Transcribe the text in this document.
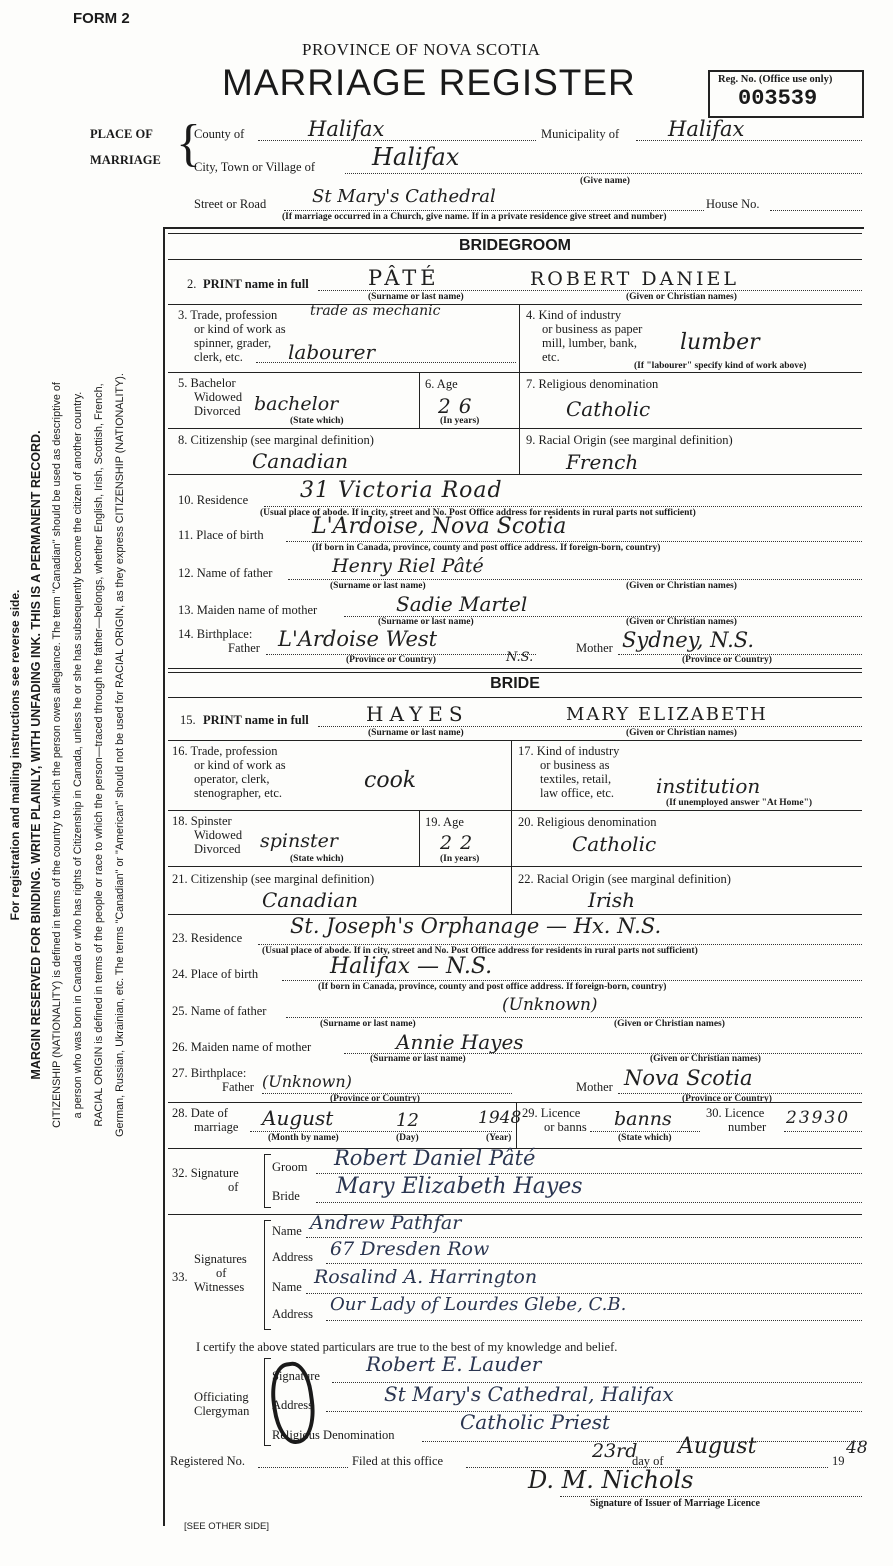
For registration and mailing instructions see reverse side. MARGIN RESERVED FOR BINDING. WRITE PLAINLY, WITH UNFADING INK. THIS IS A PERMANENT RECORD. CITIZENSHIP (NATIONALITY) is defined in terms of the country to which the person owes allegiance. The term "Canadian" should be used as descriptive of a person who was born in Canada or who has rights of Citizenship in Canada, unless he or she has subsequently become the citizen of another country. RACIAL ORIGIN is defined in terms of the people or race to which the person—traced through the father—belongs, whether English, Irish, Scottish, French, German, Russian, Ukrainian, etc. The terms "Canadian" or "American" should not be used for RACIAL ORIGIN, as they express CITIZENSHIP (NATIONALITY).
FORM 2
PROVINCE OF NOVA SCOTIA
MARRIAGE REGISTER	Reg. No. (Office use only)
003539
PLACE OF
MARRIAGE {
County of	Halifax	Municipality of Halifax
City, Town or Village of Halifax
(Give name)
Street or Road	St Mary's Cathedral	House No.
(If marriage occurred in a Church, give name. If in a private residence give street and number)
BRIDEGROOM
2. PRINT name in full	PÂTÉ	ROBERT DANIEL
(Surname or last name)	(Given or Christian names)
3. Trade, profession
or kind of work as
spinner, grader,
clerk, etc.
trade as mechanic
labourer
4. Kind of industry
or business as paper
mill, lumber, bank,
etc.
lumber
(If "labourer" specify kind of work above)
5. Bachelor
Widowed
Divorced bachelor
(State which)
6. Age
26
(In years)
7. Religious denomination
Catholic
8. Citizenship (see marginal definition)
Canadian
9. Racial Origin (see marginal definition)
French
10. Residence 31 Victoria Road
(Usual place of abode. If in city, street and No. Post Office address for residents in rural parts not sufficient)
11. Place of birth L'Ardoise, Nova Scotia
(If born in Canada, province, county and post office address. If foreign-born, country)
12. Name of father	Henry Riel Pâté
(Surname or last name)	(Given or Christian names)
13. Maiden name of mother	Sadie Martel
(Surname or last name)	(Given or Christian names)
14. Birthplace:
Father L'Ardoise West
N.S.
(Province or Country)
Mother Sydney, N.S.
(Province or Country)
BRIDE
15. PRINT name in full	HAYES	MARY ELIZABETH
(Surname or last name)	(Given or Christian names)
16. Trade, profession
or kind of work as
operator, clerk,
stenographer, etc.	cook
17. Kind of industry
or business as
textiles, retail,
law office, etc. institution
(If unemployed answer "At Home")
18. Spinster
Widowed
Divorced spinster
(State which)
19. Age
22
(In years)
20. Religious denomination
Catholic
21. Citizenship (see marginal definition)
Canadian
22. Racial Origin (see marginal definition)
Irish
23. Residence St. Joseph's Orphanage — Hx. N.S.
(Usual place of abode. If in city, street and No. Post Office address for residents in rural parts not sufficient)
24. Place of birth	Halifax — N.S.
(If born in Canada, province, county and post office address. If foreign-born, country)
25. Name of father	(Unknown)
(Surname or last name)	(Given or Christian names)
26. Maiden name of mother	Annie Hayes
(Surname or last name)	(Given or Christian names)
27. Birthplace:
Father (Unknown)
(Province or Country)
Mother Nova Scotia
(Province or Country)
28. Date of
marriage August	12	1948
(Month by name)	(Day)	(Year)
29. Licence
or banns banns
(State which)
30. Licence
number 23930
32. Signature
of
Groom Robert Daniel Pâté
Bride Mary Elizabeth Hayes
33.
Signatures
of
Witnesses
Name Andrew Pathfar
Address 67 Dresden Row
Name Rosalind A. Harrington
Address Our Lady of Lourdes Glebe, C.B.
I certify the above stated particulars are true to the best of my knowledge and belief.
Officiating
Clergyman
Signature Robert E. Lauder
Address	St Mary's Cathedral, Halifax
Religious Denomination
Catholic Priest
Registered No.	Filed at this office	23rd
day of
August
19
48
D. M. Nichols
Signature of Issuer of Marriage Licence
[SEE OTHER SIDE]
